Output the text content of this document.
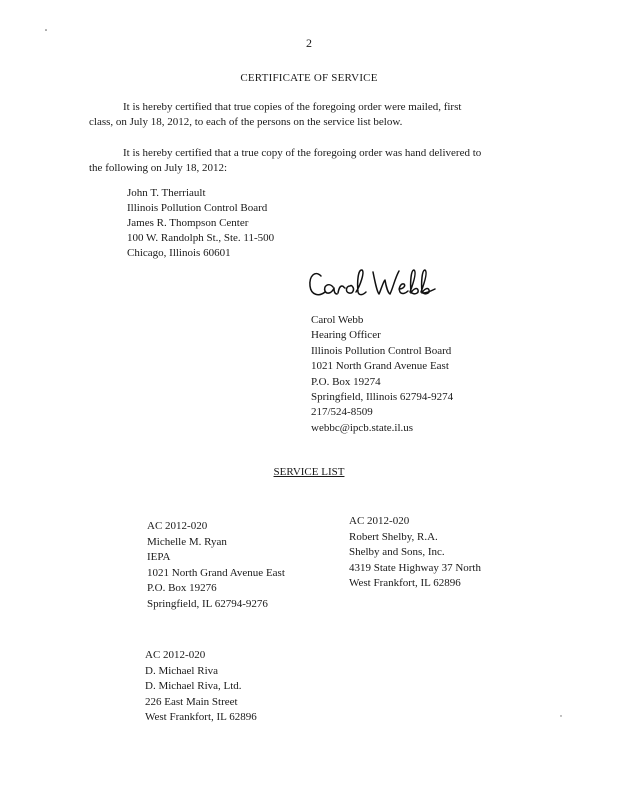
2
CERTIFICATE OF SERVICE
It is hereby certified that true copies of the foregoing order were mailed, first
class, on July 18, 2012, to each of the persons on the service list below.
It is hereby certified that a true copy of the foregoing order was hand delivered to
the following on July 18, 2012:
John T. Therriault
Illinois Pollution Control Board
James R. Thompson Center
100 W. Randolph St., Ste. 11-500
Chicago, Illinois 60601
Carol Webb
Hearing Officer
Illinois Pollution Control Board
1021 North Grand Avenue East
P.O. Box 19274
Springfield, Illinois 62794-9274
217/524-8509
webbc@ipcb.state.il.us
SERVICE LIST
AC 2012-020
Michelle M. Ryan
IEPA
1021 North Grand Avenue East
P.O. Box 19276
Springfield, IL 62794-9276
AC 2012-020
Robert Shelby, R.A.
Shelby and Sons, Inc.
4319 State Highway 37 North
West Frankfort, IL 62896
AC 2012-020
D. Michael Riva
D. Michael Riva, Ltd.
226 East Main Street
West Frankfort, IL 62896
